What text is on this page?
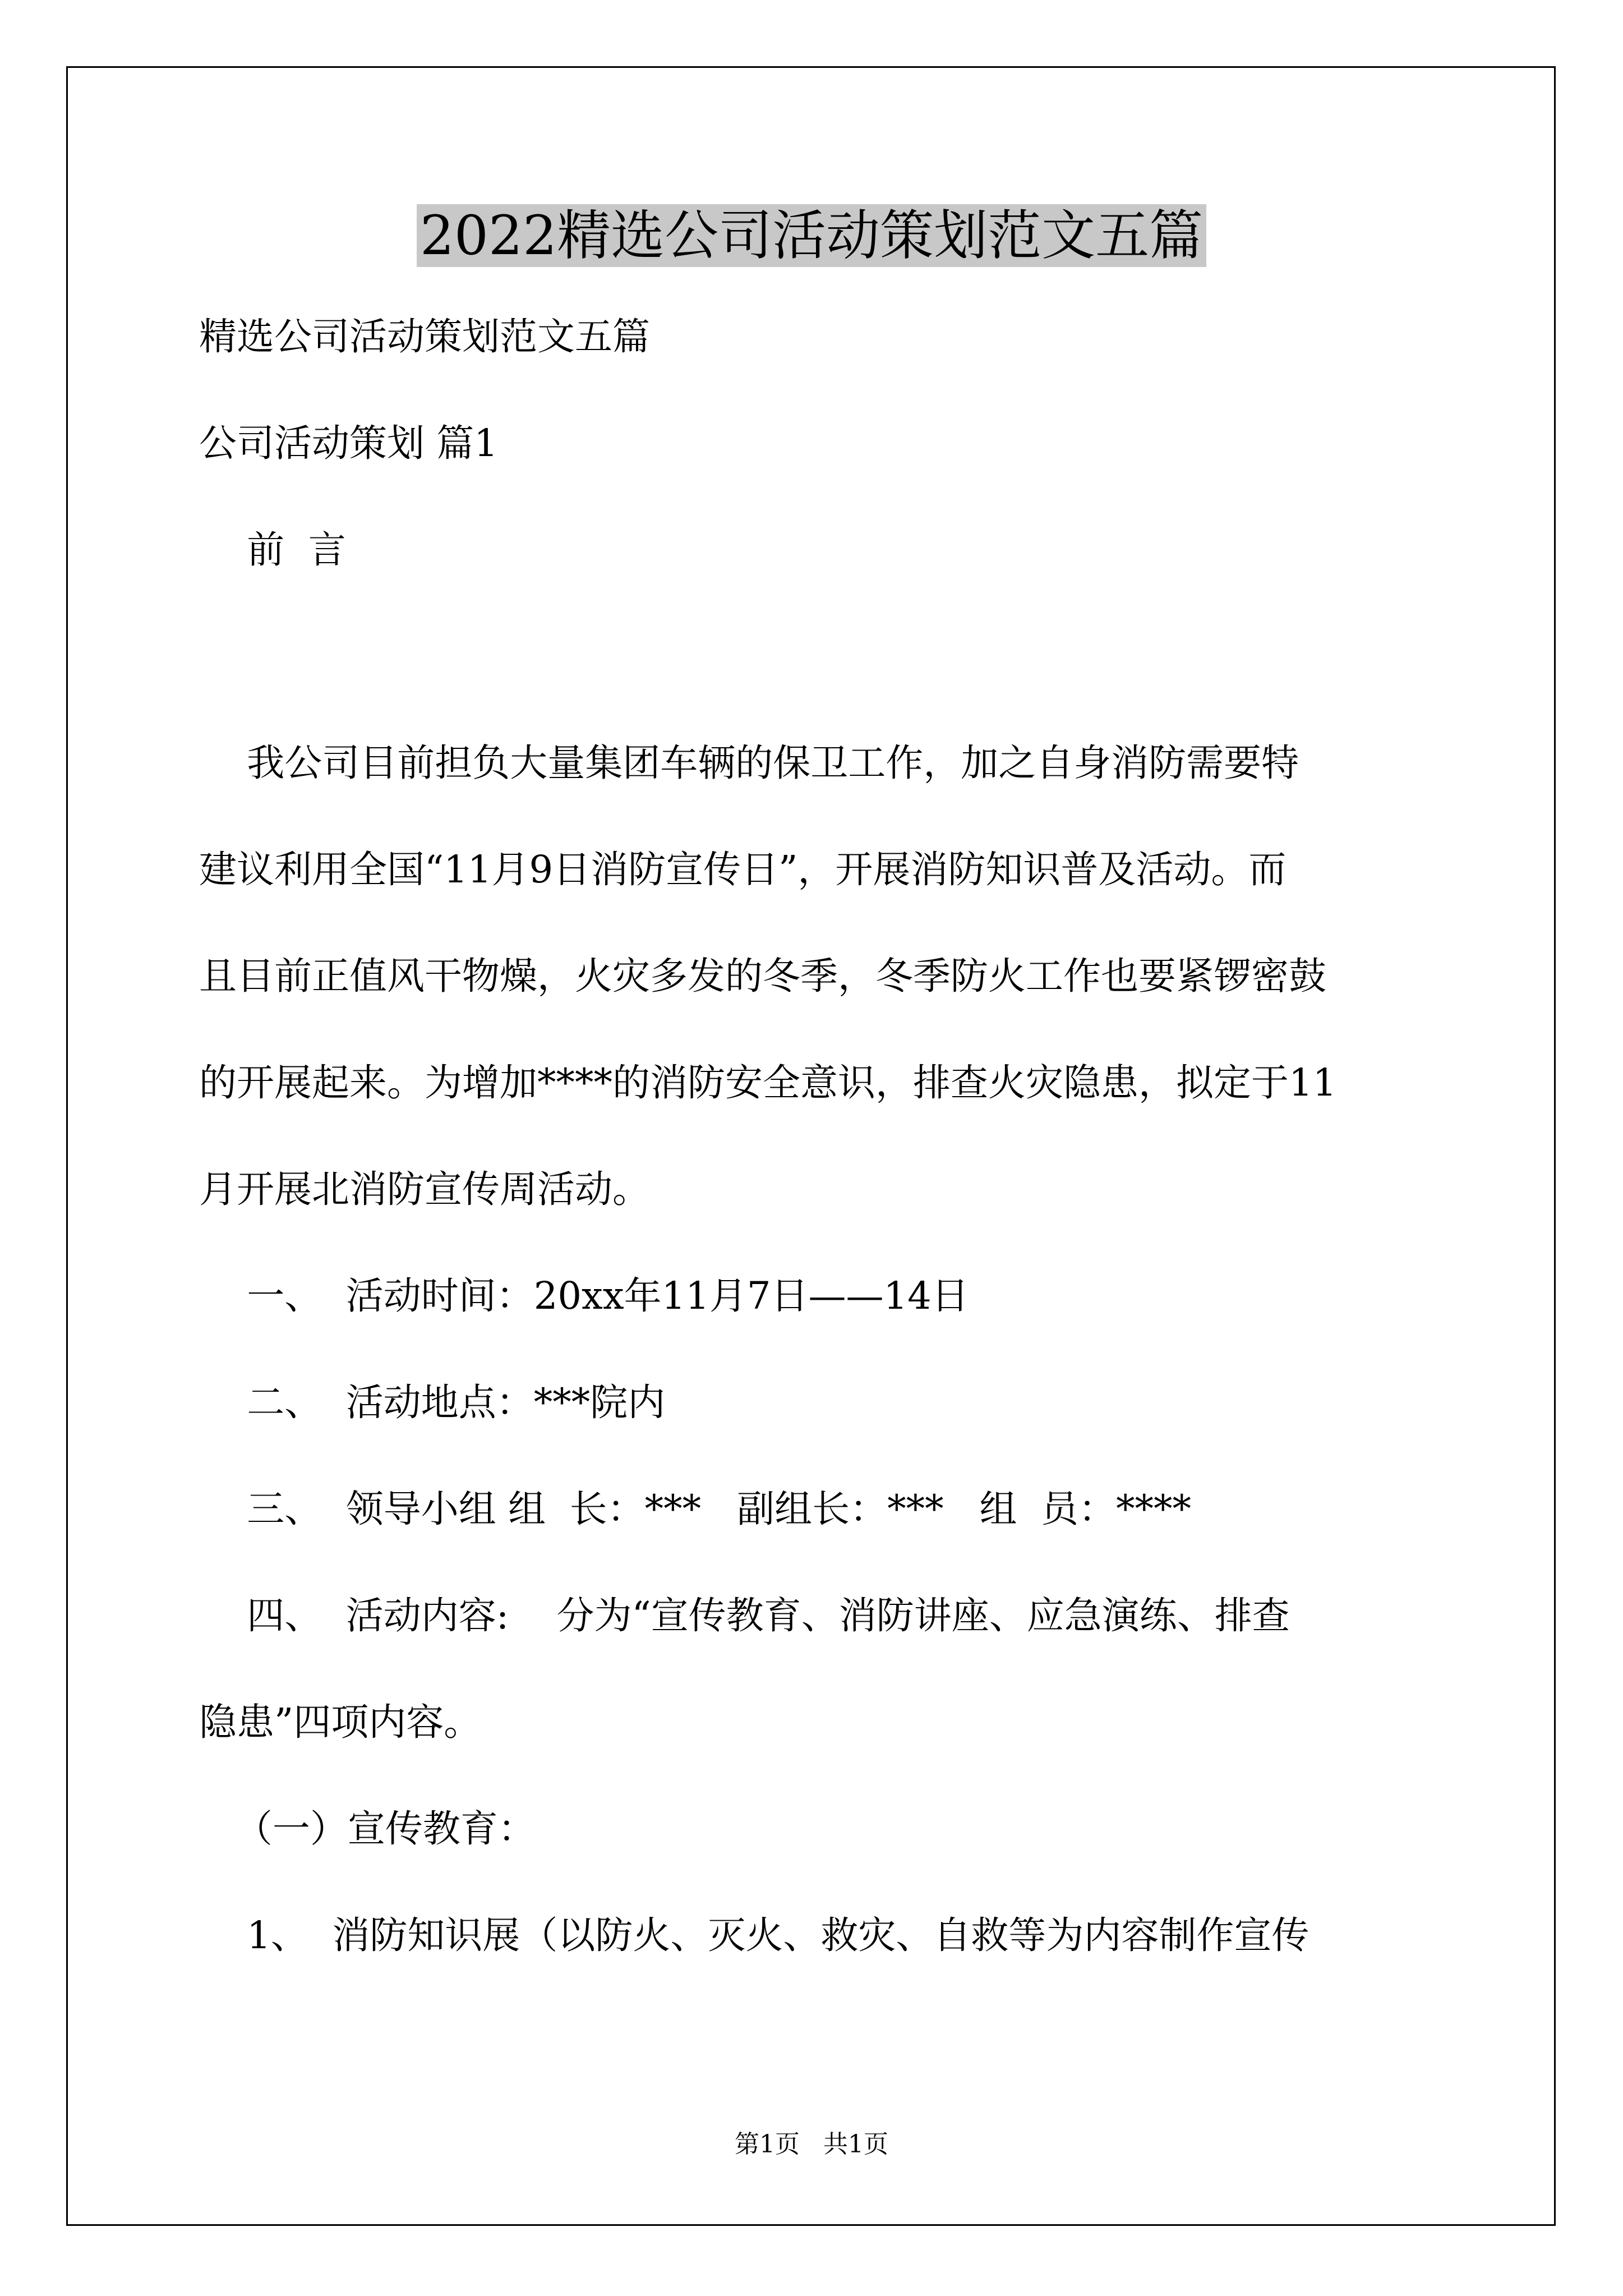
2022精选公司活动策划范文五篇
精选公司活动策划范文五篇
公司活动策划 篇1
前  言
我公司目前担负大量集团车辆的保卫工作，加之自身消防需要特
建议利用全国“11月9日消防宣传日”，开展消防知识普及活动。而
且目前正值风干物燥，火灾多发的冬季，冬季防火工作也要紧锣密鼓
的开展起来。为增加****的消防安全意识，排查火灾隐患，拟定于11
月开展北消防宣传周活动。
一、  活动时间：20xx年11月7日——14日
二、  活动地点：***院内
三、  领导小组 组  长：***   副组长：***   组  员：****
四、  活动内容:    分为“宣传教育、消防讲座、应急演练、排查
隐患”四项内容。
（一）宣传教育：
1、  消防知识展（以防火、灭火、救灾、自救等为内容制作宣传
第1页   共1页
